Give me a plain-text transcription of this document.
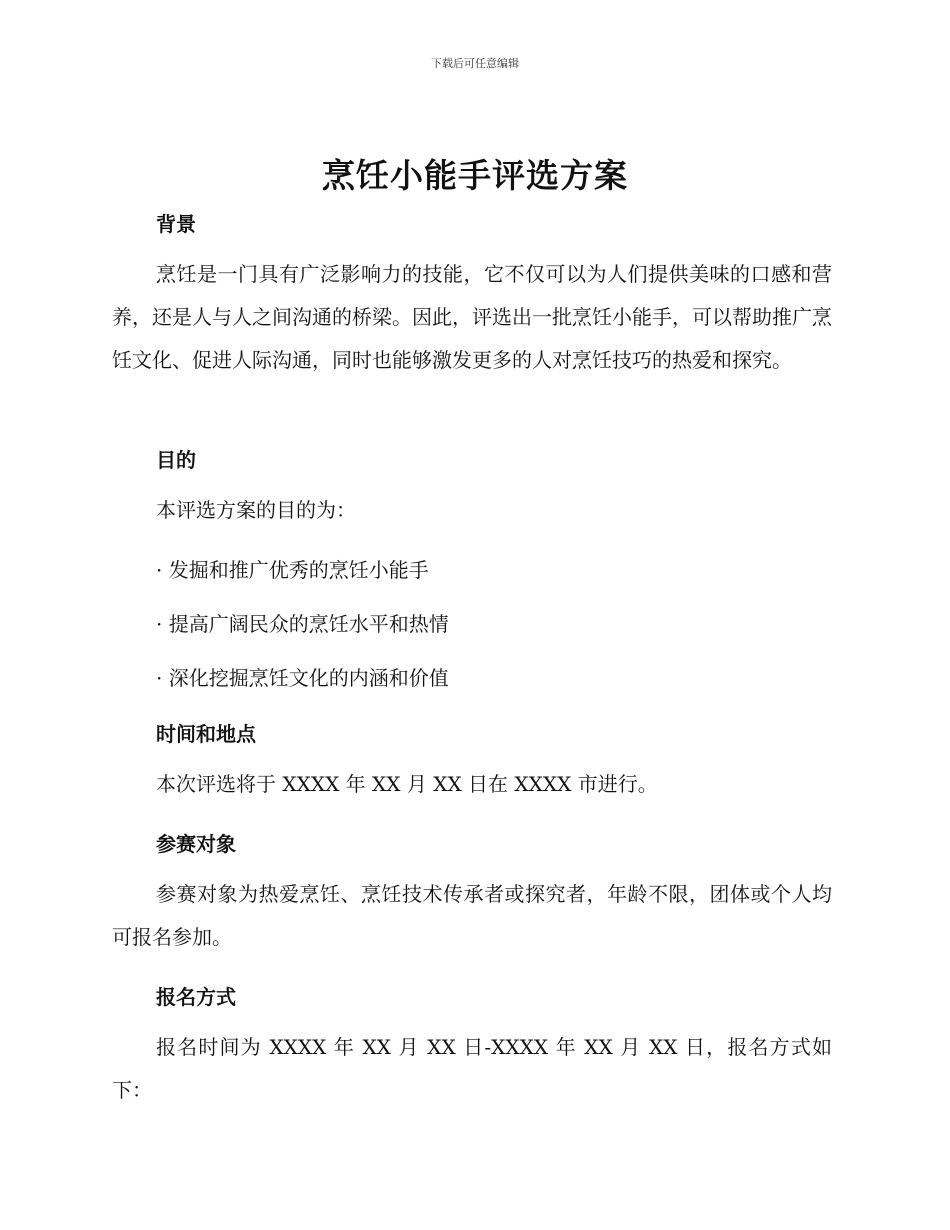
下载后可任意编辑
烹饪小能手评选方案
背景
烹饪是一门具有广泛影响力的技能，它不仅可以为人们提供美味的口感和营养，还是人与人之间沟通的桥梁。因此，评选出一批烹饪小能手，可以帮助推广烹饪文化、促进人际沟通，同时也能够激发更多的人对烹饪技巧的热爱和探究。
目的
本评选方案的目的为：
· 发掘和推广优秀的烹饪小能手
· 提高广阔民众的烹饪水平和热情
· 深化挖掘烹饪文化的内涵和价值
时间和地点
本次评选将于 XXXX 年 XX 月 XX 日在 XXXX 市进行。
参赛对象
参赛对象为热爱烹饪、烹饪技术传承者或探究者，年龄不限，团体或个人均可报名参加。
报名方式
报名时间为 XXXX 年 XX 月 XX 日-XXXX 年 XX 月 XX 日，报名方式如下：
